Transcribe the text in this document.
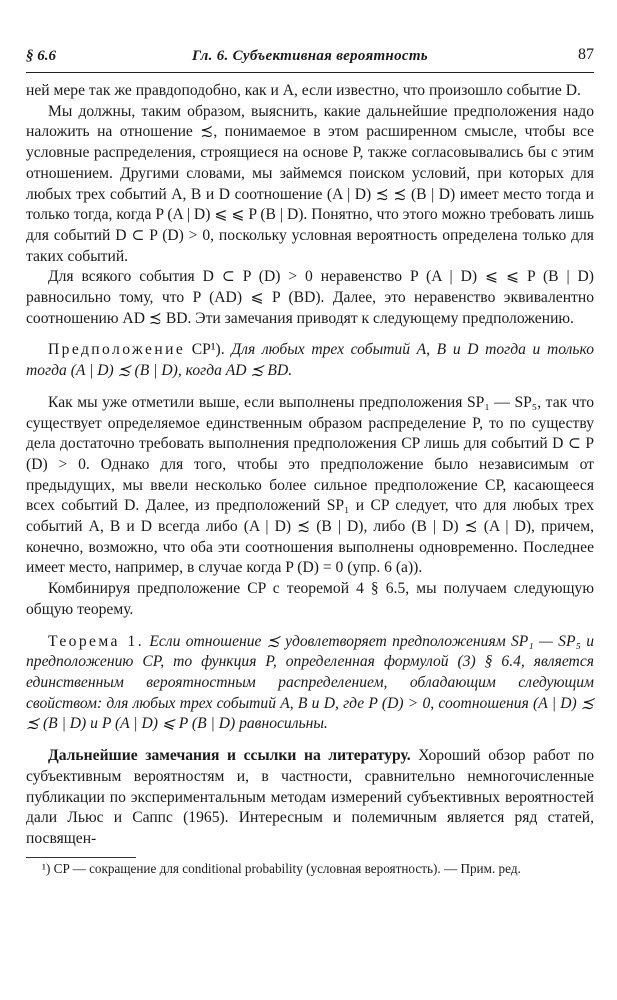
§ 6.6	Гл. 6. Субъективная вероятность	87

ней мере так же правдоподобно, как и A, если известно, что произошло событие D.

Мы должны, таким образом, выяснить, какие дальнейшие предположения надо наложить на отношение ≾, понимаемое в этом расширенном смысле, чтобы все условные распределения, строящиеся на основе P, также согласовывались бы с этим отношением. Другими словами, мы займемся поиском условий, при которых для любых трех событий A, B и D соотношение (A | D) ≾ ≾ (B | D) имеет место тогда и только тогда, когда P (A | D) ⩽ ⩽ P (B | D). Понятно, что этого можно требовать лишь для событий D ⊂ P (D) > 0, поскольку условная вероятность определена только для таких событий.

Для всякого события D ⊂ P (D) > 0 неравенство P (A | D) ⩽ ⩽ P (B | D) равносильно тому, что P (AD) ⩽ P (BD). Далее, это неравенство эквивалентно соотношению AD ≾ BD. Эти замечания приводят к следующему предположению.

Предположение CP¹). Для любых трех событий A, B и D тогда и только тогда (A | D) ≾ (B | D), когда AD ≾ BD.

Как мы уже отметили выше, если выполнены предположения SP₁ — SP₅, так что существует определяемое единственным образом распределение P, то по существу дела достаточно требовать выполнения предположения CP лишь для событий D ⊂ P (D) > 0. Однако для того, чтобы это предположение было независимым от предыдущих, мы ввели несколько более сильное предположение CP, касающееся всех событий D. Далее, из предположений SP₁ и CP следует, что для любых трех событий A, B и D всегда либо (A | D) ≾ (B | D), либо (B | D) ≾ (A | D), причем, конечно, возможно, что оба эти соотношения выполнены одновременно. Последнее имеет место, например, в случае когда P (D) = 0 (упр. 6 (a)).

Комбинируя предположение CP с теоремой 4 § 6.5, мы получаем следующую общую теорему.

Теорема 1. Если отношение ≾ удовлетворяет предположениям SP₁ — SP₅ и предположению CP, то функция P, определенная формулой (3) § 6.4, является единственным вероятностным распределением, обладающим следующим свойством: для любых трех событий A, B и D, где P (D) > 0, соотношения (A | D) ≾ ≾ (B | D) и P (A | D) ⩽ P (B | D) равносильны.

Дальнейшие замечания и ссылки на литературу. Хороший обзор работ по субъективным вероятностям и, в частности, сравнительно немногочисленные публикации по экспериментальным методам измерений субъективных вероятностей дали Льюс и Саппс (1965). Интересным и полемичным является ряд статей, посвящен-

¹) CP — сокращение для conditional probability (условная вероятность). — Прим. ред.
